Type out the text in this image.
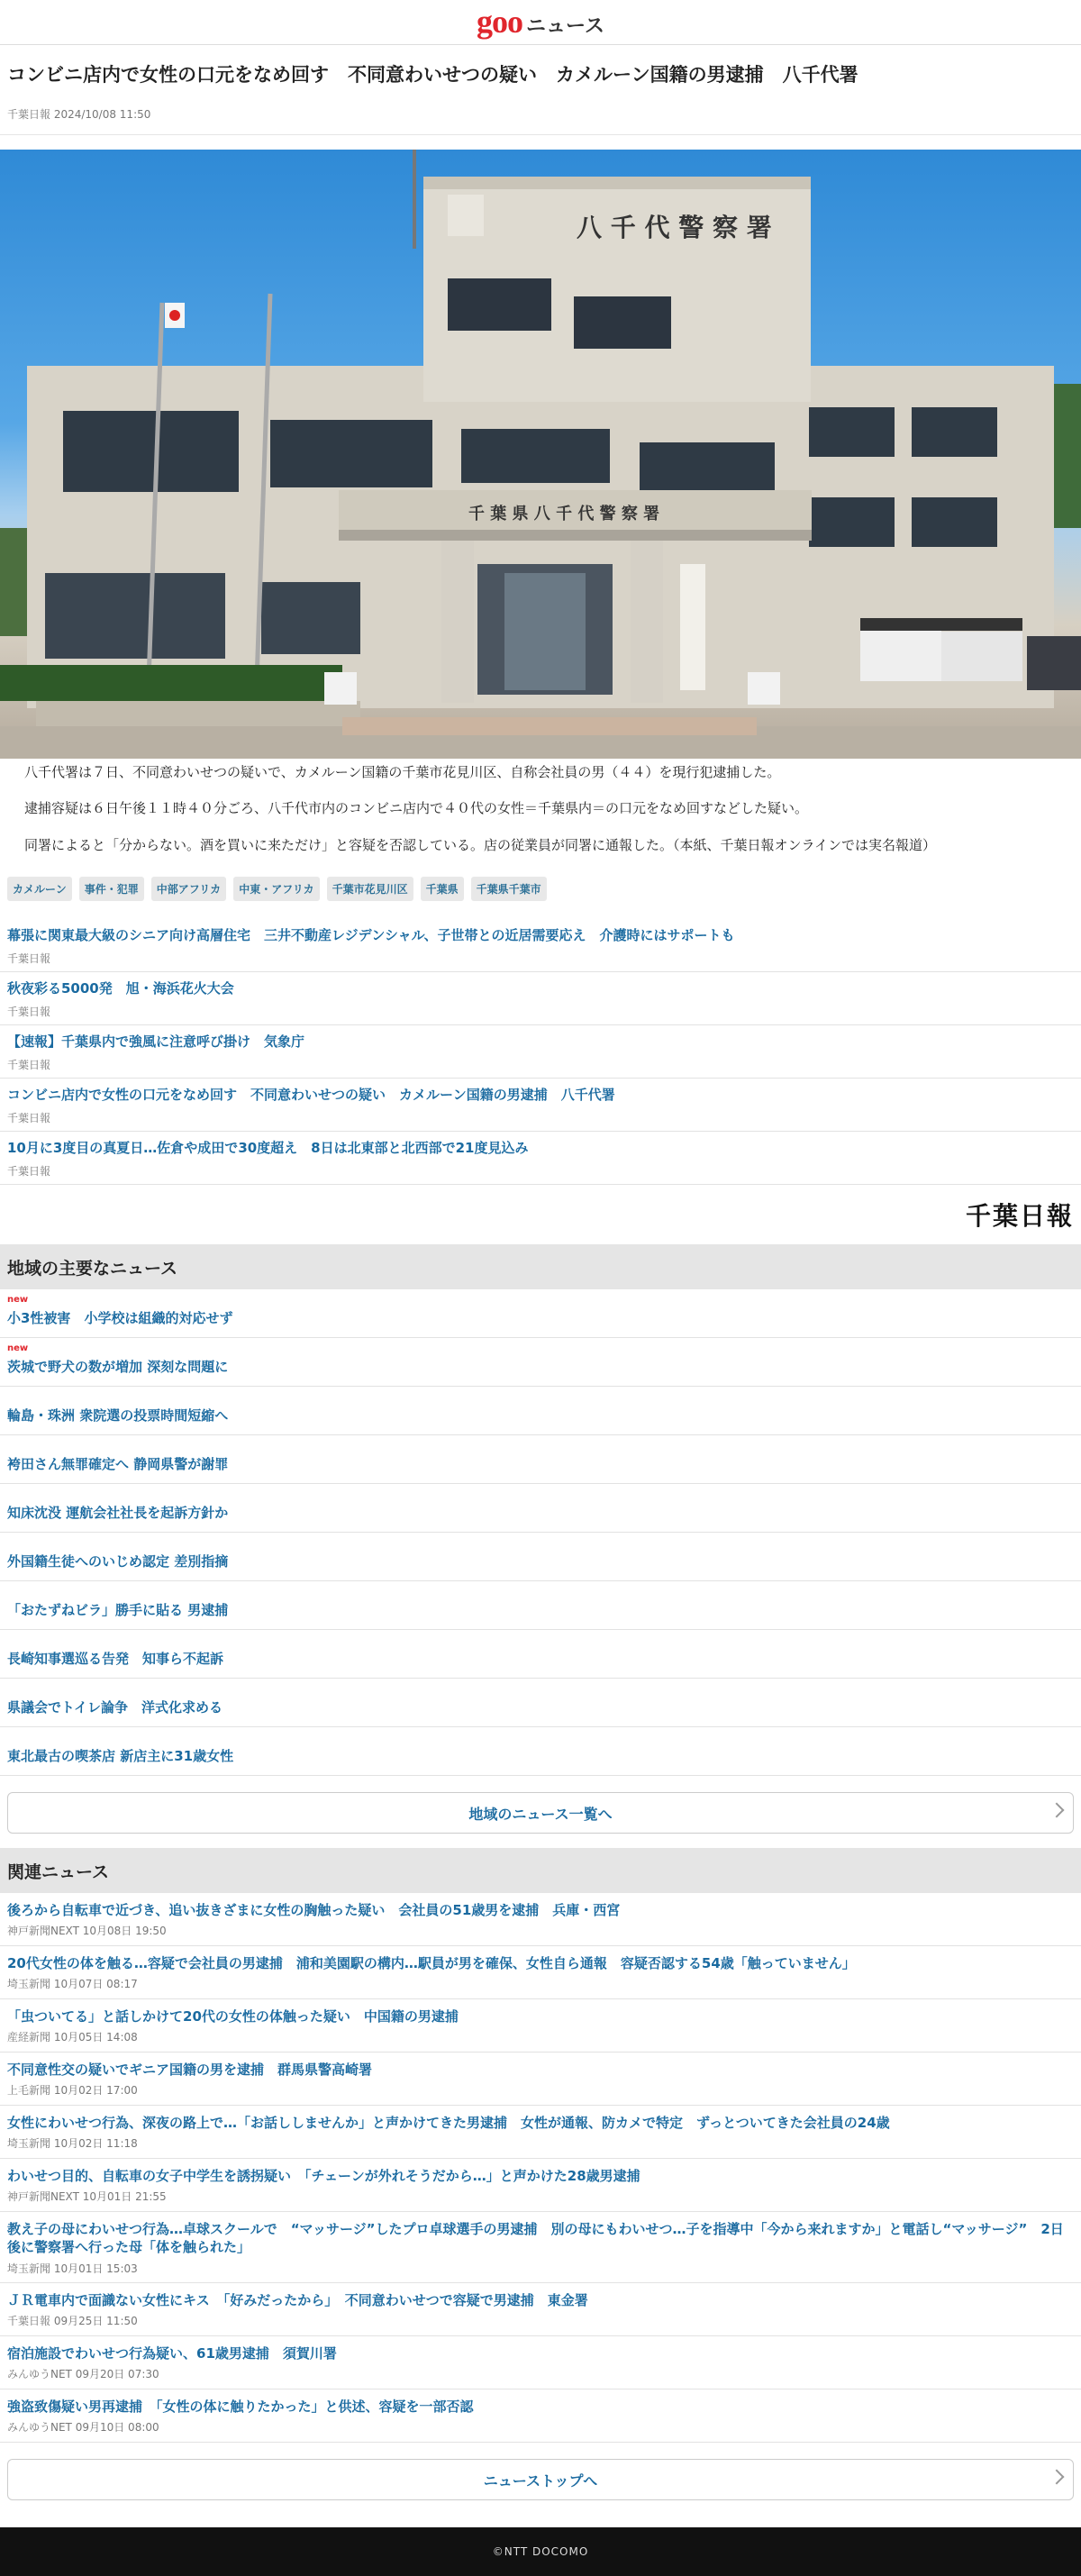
goo ニュース
コンビニ店内で女性の口元をなめ回す　不同意わいせつの疑い　カメルーン国籍の男逮捕　八千代署
千葉日報 2024/10/08 11:50
八 千 代 警 察 署
千 葉 県 八 千 代 警 察 署

八千代署は７日、不同意わいせつの疑いで、カメルーン国籍の千葉市花見川区、自称会社員の男（４４）を現行犯逮捕した。

逮捕容疑は６日午後１１時４０分ごろ、八千代市内のコンビニ店内で４０代の女性＝千葉県内＝の口元をなめ回すなどした疑い。

同署によると「分からない。酒を買いに来ただけ」と容疑を否認している。店の従業員が同署に通報した。（本紙、千葉日報オンラインでは実名報道）

カメルーン	事件・犯罪	中部アフリカ	中東・アフリカ	千葉市花見川区	千葉県	千葉県千葉市
幕張に関東最大級のシニア向け高層住宅　三井不動産レジデンシャル、子世帯との近居需要応え　介護時にはサポートも
千葉日報
秋夜彩る5000発　旭・海浜花火大会
千葉日報
【速報】千葉県内で強風に注意呼び掛け　気象庁
千葉日報
コンビニ店内で女性の口元をなめ回す　不同意わいせつの疑い　カメルーン国籍の男逮捕　八千代署
千葉日報
10月に3度目の真夏日…佐倉や成田で30度超え　8日は北東部と北西部で21度見込み
千葉日報
千葉日報
地域の主要なニュース
new
小3性被害　小学校は組織的対応せず
new
茨城で野犬の数が増加 深刻な問題に
輪島・珠洲 衆院選の投票時間短縮へ
袴田さん無罪確定へ 静岡県警が謝罪
知床沈没 運航会社社長を起訴方針か
外国籍生徒へのいじめ認定 差別指摘
「おたずねビラ」勝手に貼る 男逮捕
長崎知事選巡る告発　知事ら不起訴
県議会でトイレ論争　洋式化求める
東北最古の喫茶店 新店主に31歳女性
地域のニュース一覧へ
関連ニュース
後ろから自転車で近づき、追い抜きざまに女性の胸触った疑い　会社員の51歳男を逮捕　兵庫・西宮
神戸新聞NEXT 10月08日 19:50
20代女性の体を触る…容疑で会社員の男逮捕　浦和美園駅の構内…駅員が男を確保、女性自ら通報　容疑否認する54歳「触っていません」
埼玉新聞 10月07日 08:17
「虫ついてる」と話しかけて20代の女性の体触った疑い　中国籍の男逮捕
産経新聞 10月05日 14:08
不同意性交の疑いでギニア国籍の男を逮捕　群馬県警高崎署
上毛新聞 10月02日 17:00
女性にわいせつ行為、深夜の路上で…「お話ししませんか」と声かけてきた男逮捕　女性が通報、防カメで特定　ずっとついてきた会社員の24歳
埼玉新聞 10月02日 11:18
わいせつ目的、自転車の女子中学生を誘拐疑い　「チェーンが外れそうだから…」と声かけた28歳男逮捕
神戸新聞NEXT 10月01日 21:55
教え子の母にわいせつ行為…卓球スクールで　“マッサージ”したプロ卓球選手の男逮捕　別の母にもわいせつ…子を指導中「今から来れますか」と電話し“マッサージ”　2日後に警察署へ行った母「体を触られた」
埼玉新聞 10月01日 15:03
ＪＲ電車内で面識ない女性にキス　「好みだったから」　不同意わいせつで容疑で男逮捕　東金署
千葉日報 09月25日 11:50
宿泊施設でわいせつ行為疑い、61歳男逮捕　須賀川署
みんゆうNET 09月20日 07:30
強盗致傷疑い男再逮捕　「女性の体に触りたかった」と供述、容疑を一部否認
みんゆうNET 09月10日 08:00
ニューストップへ
©NTT DOCOMO
